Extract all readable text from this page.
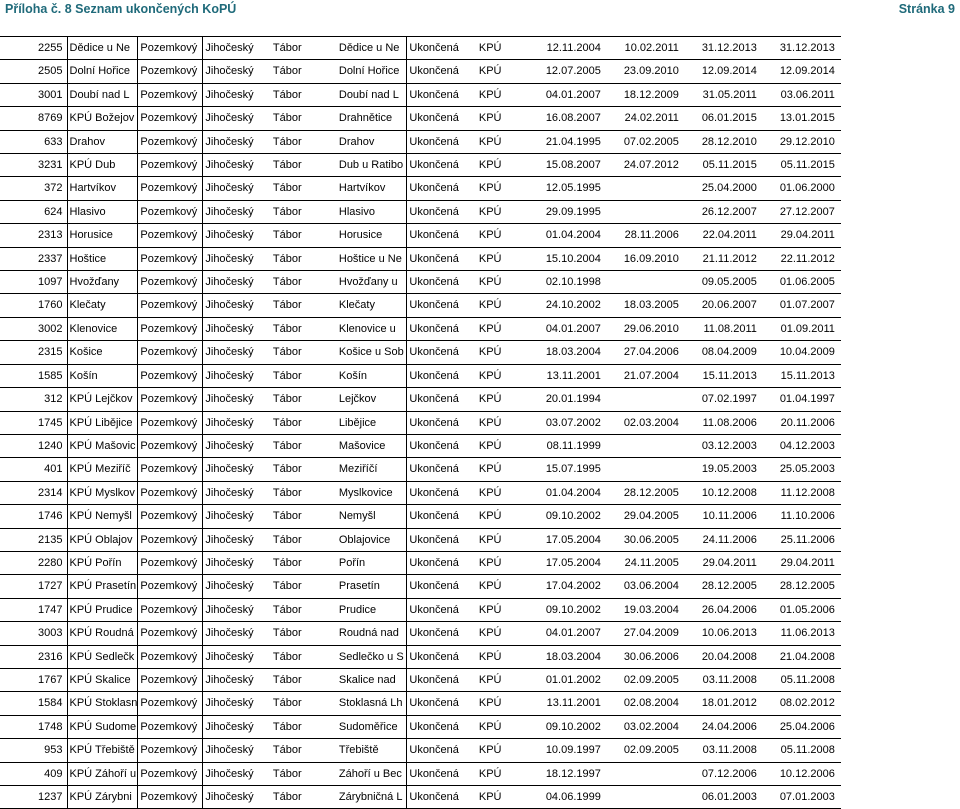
Příloha č. 8 Seznam ukončených KoPÚ	Stránka 9
2255	Dědice u Ne	Pozemkový	Jihočeský	Tábor	Dědice u Ne	Ukončená	KPÚ	12.11.2004	10.02.2011	31.12.2013	31.12.2013
2505	Dolní Hořice	Pozemkový	Jihočeský	Tábor	Dolní Hořice	Ukončená	KPÚ	12.07.2005	23.09.2010	12.09.2014	12.09.2014
3001	Doubí nad L	Pozemkový	Jihočeský	Tábor	Doubí nad L	Ukončená	KPÚ	04.01.2007	18.12.2009	31.05.2011	03.06.2011
8769	KPÚ Božejov	Pozemkový	Jihočeský	Tábor	Drahnětice	Ukončená	KPÚ	16.08.2007	24.02.2011	06.01.2015	13.01.2015
633	Drahov	Pozemkový	Jihočeský	Tábor	Drahov	Ukončená	KPÚ	21.04.1995	07.02.2005	28.12.2010	29.12.2010
3231	KPÚ Dub	Pozemkový	Jihočeský	Tábor	Dub u Ratibo	Ukončená	KPÚ	15.08.2007	24.07.2012	05.11.2015	05.11.2015
372	Hartvíkov	Pozemkový	Jihočeský	Tábor	Hartvíkov	Ukončená	KPÚ	12.05.1995		25.04.2000	01.06.2000
624	Hlasivo	Pozemkový	Jihočeský	Tábor	Hlasivo	Ukončená	KPÚ	29.09.1995		26.12.2007	27.12.2007
2313	Horusice	Pozemkový	Jihočeský	Tábor	Horusice	Ukončená	KPÚ	01.04.2004	28.11.2006	22.04.2011	29.04.2011
2337	Hoštice	Pozemkový	Jihočeský	Tábor	Hoštice u Ne	Ukončená	KPÚ	15.10.2004	16.09.2010	21.11.2012	22.11.2012
1097	Hvožďany	Pozemkový	Jihočeský	Tábor	Hvožďany u	Ukončená	KPÚ	02.10.1998		09.05.2005	01.06.2005
1760	Klečaty	Pozemkový	Jihočeský	Tábor	Klečaty	Ukončená	KPÚ	24.10.2002	18.03.2005	20.06.2007	01.07.2007
3002	Klenovice	Pozemkový	Jihočeský	Tábor	Klenovice u	Ukončená	KPÚ	04.01.2007	29.06.2010	11.08.2011	01.09.2011
2315	Košice	Pozemkový	Jihočeský	Tábor	Košice u Sob	Ukončená	KPÚ	18.03.2004	27.04.2006	08.04.2009	10.04.2009
1585	Košín	Pozemkový	Jihočeský	Tábor	Košín	Ukončená	KPÚ	13.11.2001	21.07.2004	15.11.2013	15.11.2013
312	KPÚ Lejčkov	Pozemkový	Jihočeský	Tábor	Lejčkov	Ukončená	KPÚ	20.01.1994		07.02.1997	01.04.1997
1745	KPÚ Libějice	Pozemkový	Jihočeský	Tábor	Liběјice	Ukončená	KPÚ	03.07.2002	02.03.2004	11.08.2006	20.11.2006
1240	KPÚ Mašovic	Pozemkový	Jihočeský	Tábor	Mašovice	Ukončená	KPÚ	08.11.1999		03.12.2003	04.12.2003
401	KPÚ Meziříč	Pozemkový	Jihočeský	Tábor	Meziříčí	Ukončená	KPÚ	15.07.1995		19.05.2003	25.05.2003
2314	KPÚ Myslkov	Pozemkový	Jihočeský	Tábor	Myslkovice	Ukončená	KPÚ	01.04.2004	28.12.2005	10.12.2008	11.12.2008
1746	KPÚ Nemyšl	Pozemkový	Jihočeský	Tábor	Nemyšl	Ukončená	KPÚ	09.10.2002	29.04.2005	10.11.2006	11.10.2006
2135	KPÚ Oblajov	Pozemkový	Jihočeský	Tábor	Oblajovice	Ukončená	KPÚ	17.05.2004	30.06.2005	24.11.2006	25.11.2006
2280	KPÚ Pořín	Pozemkový	Jihočeský	Tábor	Pořín	Ukončená	KPÚ	17.05.2004	24.11.2005	29.04.2011	29.04.2011
1727	KPÚ Prasetín	Pozemkový	Jihočeský	Tábor	Prasetín	Ukončená	KPÚ	17.04.2002	03.06.2004	28.12.2005	28.12.2005
1747	KPÚ Prudice	Pozemkový	Jihočeský	Tábor	Prudice	Ukončená	KPÚ	09.10.2002	19.03.2004	26.04.2006	01.05.2006
3003	KPÚ Roudná	Pozemkový	Jihočeský	Tábor	Roudná nad	Ukončená	KPÚ	04.01.2007	27.04.2009	10.06.2013	11.06.2013
2316	KPÚ Sedlečk	Pozemkový	Jihočeský	Tábor	Sedlečko u S	Ukončená	KPÚ	18.03.2004	30.06.2006	20.04.2008	21.04.2008
1767	KPÚ Skalice	Pozemkový	Jihočeský	Tábor	Skalice nad	Ukončená	KPÚ	01.01.2002	02.09.2005	03.11.2008	05.11.2008
1584	KPÚ Stoklasn	Pozemkový	Jihočeský	Tábor	Stoklasná Lh	Ukončená	KPÚ	13.11.2001	02.08.2004	18.01.2012	08.02.2012
1748	KPÚ Sudome	Pozemkový	Jihočeský	Tábor	Sudoměřice	Ukončená	KPÚ	09.10.2002	03.02.2004	24.04.2006	25.04.2006
953	KPÚ Třebiště	Pozemkový	Jihočeský	Tábor	Třebiště	Ukončená	KPÚ	10.09.1997	02.09.2005	03.11.2008	05.11.2008
409	KPÚ Záhoří u	Pozemkový	Jihočeský	Tábor	Záhoří u Bec	Ukončená	KPÚ	18.12.1997		07.12.2006	10.12.2006
1237	KPÚ Zárybni	Pozemkový	Jihočeský	Tábor	Zárybničná L	Ukončená	KPÚ	04.06.1999		06.01.2003	07.01.2003
